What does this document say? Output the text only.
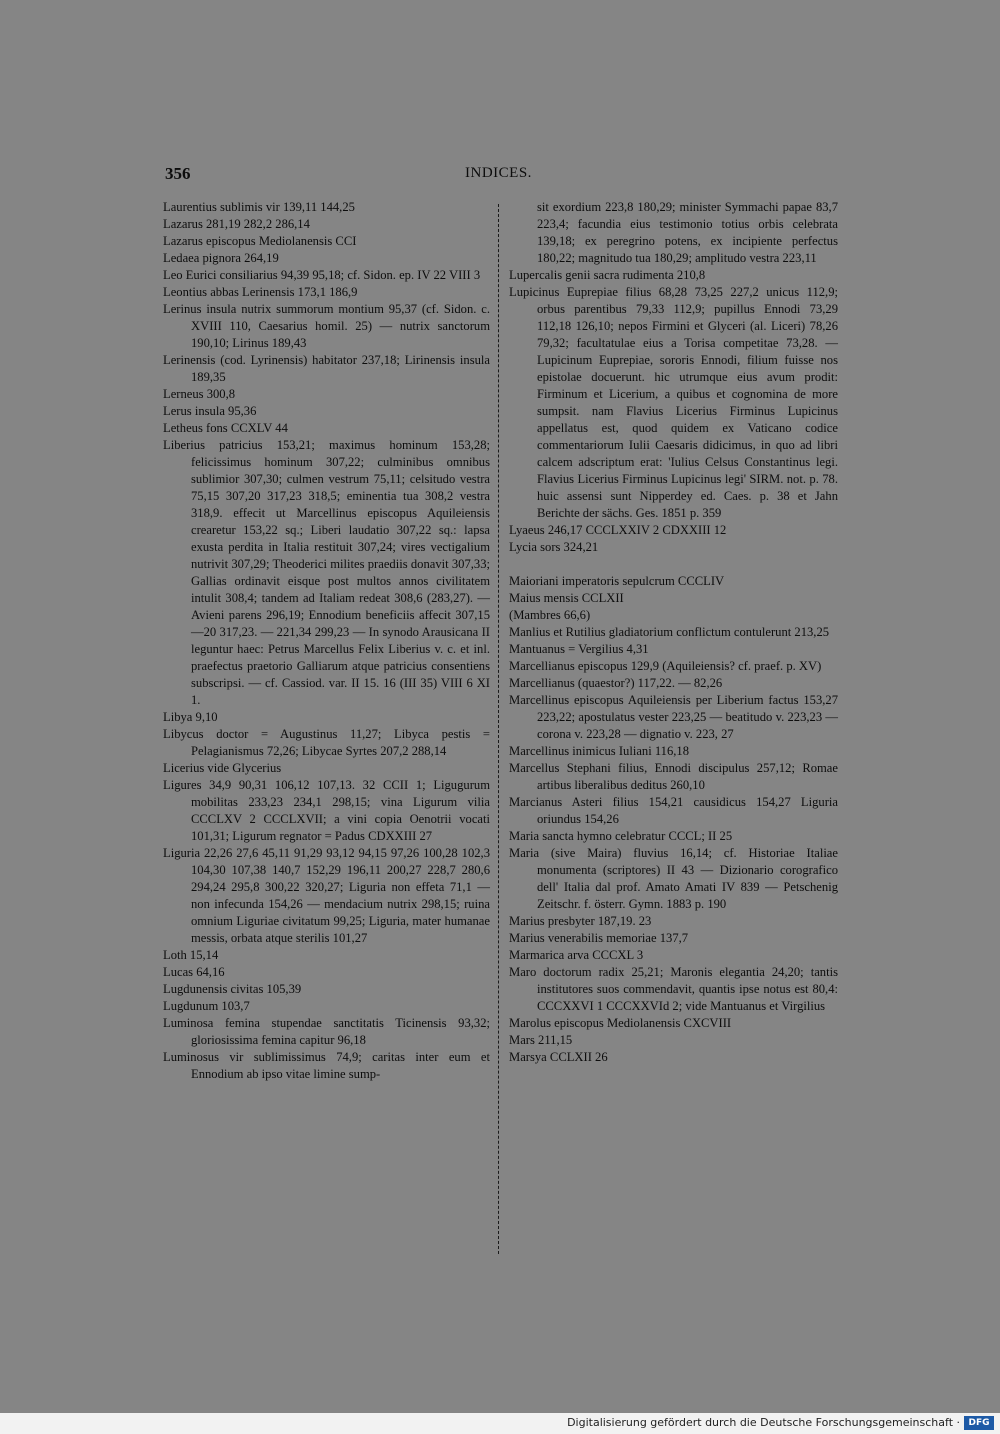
356	INDICES.

Laurentius sublimis vir 139,11 144,25

Lazarus 281,19 282,2 286,14

Lazarus episcopus Mediolanensis CCI

Ledaea pignora 264,19

Leo Eurici consiliarius 94,39 95,18; cf. Sidon. ep. IV 22 VIII 3

Leontius abbas Lerinensis 173,1 186,9

Lerinus insula nutrix summorum montium 95,37 (cf. Sidon. c. XVIII 110, Caesarius homil. 25) — nutrix sanctorum 190,10; Lirinus 189,43

Lerinensis (cod. Lyrinensis) habitator 237,18; Lirinensis insula 189,35

Lerneus 300,8

Lerus insula 95,36

Letheus fons CCXLV 44

Liberius patricius 153,21; maximus hominum 153,28; felicissimus hominum 307,22; culminibus omnibus sublimior 307,30; culmen vestrum 75,11; celsitudo vestra 75,15 307,20 317,23 318,5; eminentia tua 308,2 vestra 318,9. effecit ut Marcellinus episcopus Aquileiensis crearetur 153,22 sq.; Liberi laudatio 307,22 sq.: lapsa exusta perdita in Italia restituit 307,24; vires vectigalium nutrivit 307,29; Theoderici milites praediis donavit 307,33; Gallias ordinavit eisque post multos annos civilitatem intulit 308,4; tandem ad Italiam redeat 308,6 (283,27). — Avieni parens 296,19; Ennodium beneficiis affecit 307,15—20 317,23. — 221,34 299,23 — In synodo Arausicana II leguntur haec: Petrus Marcellus Felix Liberius v. c. et inl. praefectus praetorio Galliarum atque patricius consentiens subscripsi. — cf. Cassiod. var. II 15. 16 (III 35) VIII 6 XI 1.

Libya 9,10

Libycus doctor = Augustinus 11,27; Libyca pestis = Pelagianismus 72,26; Libycae Syrtes 207,2 288,14

Licerius vide Glycerius

Ligures 34,9 90,31 106,12 107,13. 32 CCII 1; Ligugurum mobilitas 233,23 234,1 298,15; vina Ligurum vilia CCCLXV 2 CCCLXVII; a vini copia Oenotrii vocati 101,31; Ligurum regnator = Padus CDXXIII 27

Liguria 22,26 27,6 45,11 91,29 93,12 94,15 97,26 100,28 102,3 104,30 107,38 140,7 152,29 196,11 200,27 228,7 280,6 294,24 295,8 300,22 320,27; Liguria non effeta 71,1 — non infecunda 154,26 — mendacium nutrix 298,15; ruina omnium Liguriae civitatum 99,25; Liguria, mater humanae messis, orbata atque sterilis 101,27

Loth 15,14

Lucas 64,16

Lugdunensis civitas 105,39

Lugdunum 103,7

Luminosa femina stupendae sanctitatis Ticinensis 93,32; gloriosissima femina capitur 96,18

Luminosus vir sublimissimus 74,9; caritas inter eum et Ennodium ab ipso vitae limine sump-

sit exordium 223,8 180,29; minister Symmachi papae 83,7 223,4; facundia eius testimonio totius orbis celebrata 139,18; ex peregrino potens, ex incipiente perfectus 180,22; magnitudo tua 180,29; amplitudo vestra 223,11

Lupercalis genii sacra rudimenta 210,8

Lupicinus Euprepiae filius 68,28 73,25 227,2 unicus 112,9; orbus parentibus 79,33 112,9; pupillus Ennodi 73,29 112,18 126,10; nepos Firmini et Glyceri (al. Liceri) 78,26 79,32; facultatulae eius a Torisa competitae 73,28. — Lupicinum Euprepiae, sororis Ennodi, filium fuisse nos epistolae docuerunt. hic utrumque eius avum prodit: Firminum et Licerium, a quibus et cognomina de more sumpsit. nam Flavius Licerius Firminus Lupicinus appellatus est, quod quidem ex Vaticano codice commentariorum Iulii Caesaris didicimus, in quo ad libri calcem adscriptum erat: 'Iulius Celsus Constantinus legi. Flavius Licerius Firminus Lupicinus legi' SIRM. not. p. 78. huic assensi sunt Nipperdey ed. Caes. p. 38 et Jahn Berichte der sächs. Ges. 1851 p. 359

Lyaeus 246,17 CCCLXXIV 2 CDXXIII 12

Lycia sors 324,21

Maioriani imperatoris sepulcrum CCCLIV

Maius mensis CCLXII

(Mambres 66,6)

Manlius et Rutilius gladiatorium conflictum contulerunt 213,25

Mantuanus = Vergilius 4,31

Marcellianus episcopus 129,9 (Aquileiensis? cf. praef. p. XV)

Marcellianus (quaestor?) 117,22. — 82,26

Marcellinus episcopus Aquileiensis per Liberium factus 153,27 223,22; apostulatus vester 223,25 — beatitudo v. 223,23 — corona v. 223,28 — dignatio v. 223, 27

Marcellinus inimicus Iuliani 116,18

Marcellus Stephani filius, Ennodi discipulus 257,12; Romae artibus liberalibus deditus 260,10

Marcianus Asteri filius 154,21 causidicus 154,27 Liguria oriundus 154,26

Maria sancta hymno celebratur CCCL; II 25

Maria (sive Maira) fluvius 16,14; cf. Historiae Italiae monumenta (scriptores) II 43 — Dizionario corografico dell' Italia dal prof. Amato Amati IV 839 — Petschenig Zeitschr. f. österr. Gymn. 1883 p. 190

Marius presbyter 187,19. 23

Marius venerabilis memoriae 137,7

Marmarica arva CCCXL 3

Maro doctorum radix 25,21; Maronis elegantia 24,20; tantis institutores suos commendavit, quantis ipse notus est 80,4: CCCXXVI 1 CCCXXVId 2; vide Mantuanus et Virgilius

Marolus episcopus Mediolanensis CXCVIII

Mars 211,15

Marsya CCLXII 26

Digitalisierung gefördert durch die Deutsche Forschungsgemeinschaft · DFG
